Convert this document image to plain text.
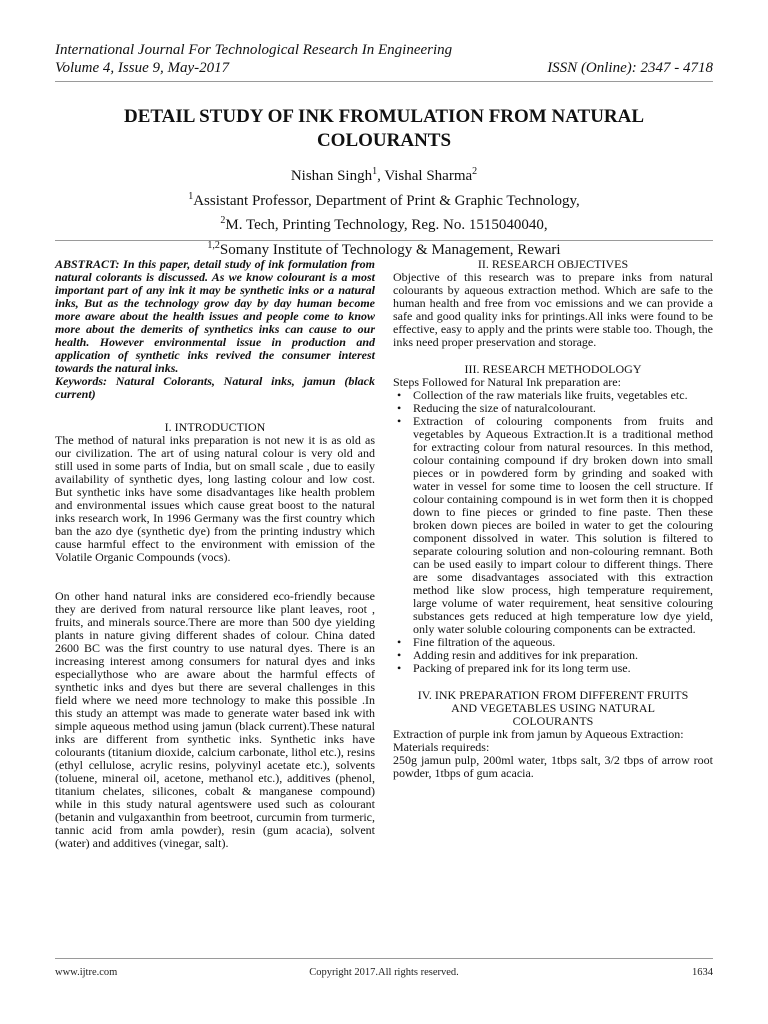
International Journal For Technological Research In Engineering
Volume 4, Issue 9, May-2017	ISSN (Online): 2347 - 4718
DETAIL STUDY OF INK FROMULATION FROM NATURAL
COLOURANTS
Nishan Singh$^1$, Vishal Sharma$^2$
$^1$Assistant Professor, Department of Print & Graphic Technology,
$^2$M. Tech, Printing Technology, Reg. No. 1515040040,
$^{1,2}$Somany Institute of Technology & Management, Rewari

ABSTRACT: In this paper, detail study of ink formulation from natural colorants is discussed. As we know colourant is a most important part of any ink it may be synthetic inks or a natural inks, But as the technology grow day by day human become more aware about the health issues and people come to know more about the demerits of synthetics inks can cause to our health. However environmental issue in production and application of synthetic inks revived the consumer interest towards the natural inks.

Keywords: Natural Colorants, Natural inks, jamun (black current)

I. INTRODUCTION

The method of natural inks preparation is not new it is as old as our civilization. The art of using natural colour is very old and still used in some parts of India, but on small scale , due to easily availability of synthetic dyes, long lasting colour and low cost. But synthetic inks have some disadvantages like health problem and environmental issues which cause great boost to the natural inks research work, In 1996 Germany was the first country which ban the azo dye (synthetic dye) from the printing industry which cause harmful effect to the environment with emission of the Volatile Organic Compounds (vocs).

On other hand natural inks are considered eco-friendly because they are derived from natural rersource like plant leaves, root , fruits, and minerals source.There are more than 500 dye yielding plants in nature giving different shades of colour. China dated 2600 BC was the first country to use natural dyes. There is an increasing interest among consumers for natural dyes and inks especiallythose who are aware about the harmful effects of synthetic inks and dyes but there are several challenges in this field where we need more technology to make this possible .In this study an attempt was made to generate water based ink with simple aqueous method using jamun (black current).These natural inks are different from synthetic inks. Synthetic inks have colourants (titanium dioxide, calcium carbonate, lithol etc.), resins (ethyl cellulose, acrylic resins, polyvinyl acetate etc.), solvents (toluene, mineral oil, acetone, methanol etc.), additives (phenol, titanium chelates, silicones, cobalt & manganese compound) while in this study natural agentswere used such as colourant (betanin and vulgaxanthin from beetroot, curcumin from turmeric, tannic acid from amla powder), resin (gum acacia), solvent (water) and additives (vinegar, salt).

II. RESEARCH OBJECTIVES

Objective of this research was to prepare inks from natural colourants by aqueous extraction method. Which are safe to the human health and free from voc emissions and we can provide a safe and good quality inks for printings.All inks were found to be effective, easy to apply and the prints were stable too. Though, the inks need proper preservation and storage.

III. RESEARCH METHODOLOGY

Steps Followed for Natural Ink preparation are:

• Collection of the raw materials like fruits, vegetables etc.
• Reducing the size of naturalcolourant.
• Extraction of colouring components from fruits and vegetables by Aqueous Extraction.It is a traditional method for extracting colour from natural resources. In this method, colour containing compound if dry broken down into small pieces or in powdered form by grinding and soaked with water in vessel for some time to loosen the cell structure. If colour containing compound is in wet form then it is chopped down to fine pieces or grinded to fine paste. Then these broken down pieces are boiled in water to get the colouring component dissolved in water. This solution is filtered to separate colouring solution and non-colouring remnant. Both can be used easily to impart colour to different things. There are some disadvantages associated with this extraction method like slow process, high temperature requirement, large volume of water requirement, heat sensitive colouring substances gets reduced at high temperature low dye yield, only water soluble colouring components can be extracted.
• Fine filtration of the aqueous.
• Adding resin and additives for ink preparation.
• Packing of prepared ink for its long term use.
IV. INK PREPARATION FROM DIFFERENT FRUITS
AND VEGETABLES USING NATURAL
COLOURANTS

Extraction of purple ink from jamun by Aqueous Extraction:

Materials requireds:

250g jamun pulp, 200ml water, 1tbps salt, 3/2 tbps of arrow root powder, 1tbps of gum acacia.

www.ijtre.com	Copyright 2017.All rights reserved.	1634
